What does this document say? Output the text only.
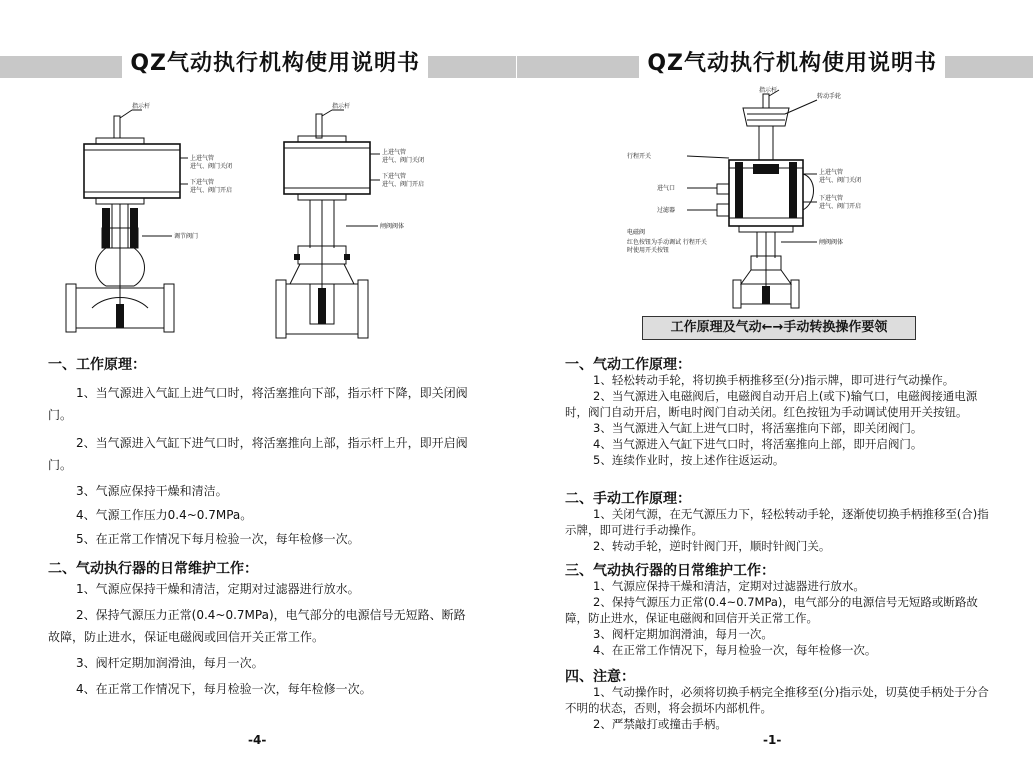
QZ气动执行机构使用说明书
指示杆
上进气管
进气、阀门关闭
下进气管
进气、阀门开启
调节阀门
指示杆
上进气管
进气、阀门关闭
下进气管
进气、阀门开启
闸阀阀体
一、工作原理：
1、当气源进入气缸上进气口时，将活塞推向下部，指示杆下降，即关闭阀门。
2、当气源进入气缸下进气口时，将活塞推向上部，指示杆上升，即开启阀门。
3、气源应保持干燥和清洁。
4、气源工作压力0.4~0.7MPa。
5、在正常工作情况下每月检验一次，每年检修一次。
二、气动执行器的日常维护工作：
1、气源应保持干燥和清洁，定期对过滤器进行放水。
2、保持气源压力正常(0.4~0.7MPa)，电气部分的电源信号无短路、断路故障，防止进水，保证电磁阀或回信开关正常工作。
3、阀杆定期加润滑油，每月一次。
4、在正常工作情况下，每月检验一次，每年检修一次。
-4-
QZ气动执行机构使用说明书
指示杆
转动手轮
行程开关
进气口
过滤器
电磁阀
红色按钮为手动调试 行程开关
时使用开关按钮
上进气管
进气、阀门关闭
下进气管
进气、阀门开启
闸阀阀体
工作原理及气动←→手动转换操作要领
一、气动工作原理：
1、轻松转动手轮，将切换手柄推移至(分)指示牌，即可进行气动操作。
2、当气源进入电磁阀后，电磁阀自动开启上(或下)输气口，电磁阀接通电源时，阀门自动开启，断电时阀门自动关闭。红色按钮为手动调试使用开关按钮。
3、当气源进入气缸上进气口时，将活塞推向下部，即关闭阀门。
4、当气源进入气缸下进气口时，将活塞推向上部，即开启阀门。
5、连续作业时，按上述作往返运动。
二、手动工作原理：
1、关闭气源，在无气源压力下，轻松转动手轮，逐渐使切换手柄推移至(合)指示牌，即可进行手动操作。
2、转动手轮，逆时针阀门开，顺时针阀门关。
三、气动执行器的日常维护工作：
1、气源应保持干燥和清洁，定期对过滤器进行放水。
2、保持气源压力正常(0.4~0.7MPa)，电气部分的电源信号无短路或断路故障，防止进水，保证电磁阀和回信开关正常工作。
3、阀杆定期加润滑油，每月一次。
4、在正常工作情况下，每月检验一次，每年检修一次。
四、注意：
1、气动操作时，必须将切换手柄完全推移至(分)指示处，切莫使手柄处于分合不明的状态，否则，将会损坏内部机件。
2、严禁敲打或撞击手柄。
-1-
